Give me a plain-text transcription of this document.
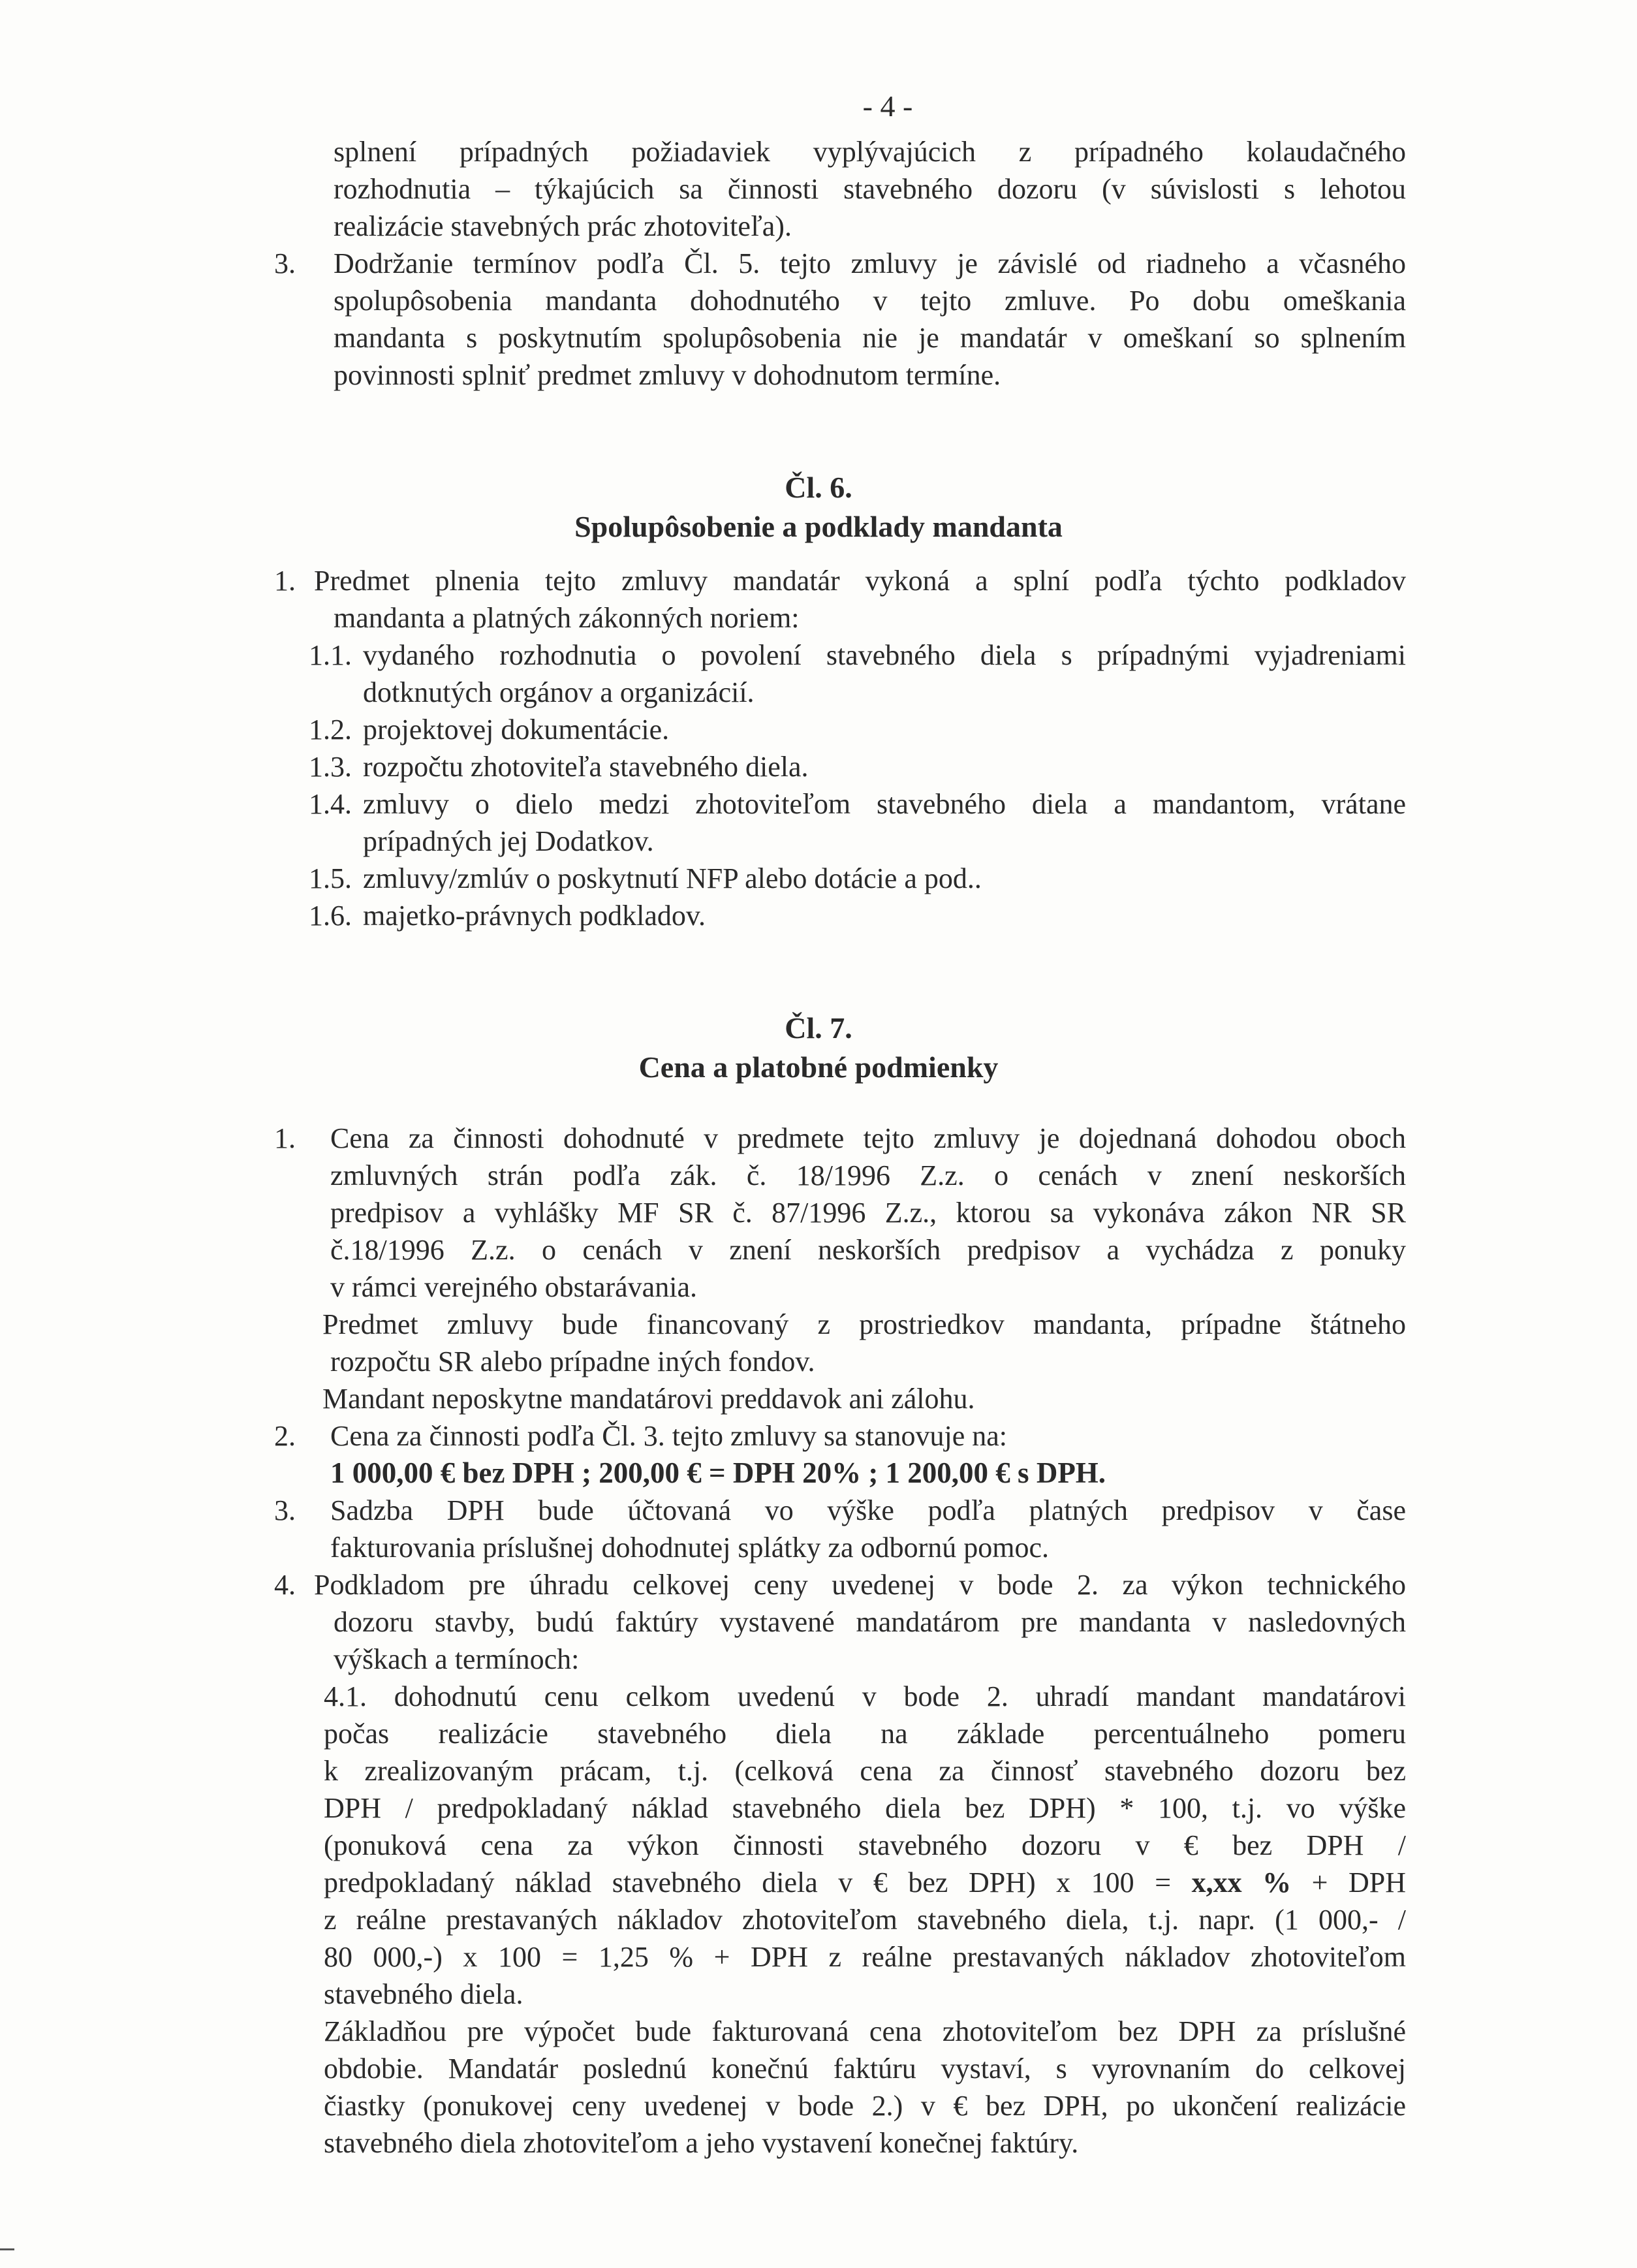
- 4 -
splnení prípadných požiadaviek vyplývajúcich z prípadného kolaudačného
rozhodnutia – týkajúcich sa činnosti stavebného dozoru (v súvislosti s lehotou
realizácie stavebných prác zhotoviteľa).
3. Dodržanie termínov podľa Čl. 5. tejto zmluvy je závislé od riadneho a včasného
spolupôsobenia mandanta dohodnutého v tejto zmluve. Po dobu omeškania
mandanta s poskytnutím spolupôsobenia nie je mandatár v omeškaní so splnením
povinnosti splniť predmet zmluvy v dohodnutom termíne.
Čl. 6.
Spolupôsobenie a podklady mandanta
1. Predmet plnenia tejto zmluvy mandatár vykoná a splní podľa týchto podkladov
mandanta a platných zákonných noriem:
1.1. vydaného rozhodnutia o povolení stavebného diela s prípadnými vyjadreniami
dotknutých orgánov a organizácií.
1.2. projektovej dokumentácie.
1.3. rozpočtu zhotoviteľa stavebného diela.
1.4. zmluvy o dielo medzi zhotoviteľom stavebného diela a mandantom, vrátane
prípadných jej Dodatkov.
1.5. zmluvy/zmlúv o poskytnutí NFP alebo dotácie a pod..
1.6. majetko-právnych podkladov.
Čl. 7.
Cena a platobné podmienky
1. Cena za činnosti dohodnuté v predmete tejto zmluvy je dojednaná dohodou oboch
zmluvných strán podľa zák. č. 18/1996 Z.z. o cenách v znení neskorších
predpisov a vyhlášky MF SR č. 87/1996 Z.z., ktorou sa vykonáva zákon NR SR
č.18/1996 Z.z. o cenách v znení neskorších predpisov a vychádza z ponuky
v rámci verejného obstarávania.
Predmet zmluvy bude financovaný z prostriedkov mandanta, prípadne štátneho
rozpočtu SR alebo prípadne iných fondov.
Mandant neposkytne mandatárovi preddavok ani zálohu.
2. Cena za činnosti podľa Čl. 3. tejto zmluvy sa stanovuje na:
1 000,00 € bez DPH ; 200,00 € = DPH 20% ; 1 200,00 € s DPH.
3. Sadzba DPH bude účtovaná vo výške podľa platných predpisov v čase
fakturovania príslušnej dohodnutej splátky za odbornú pomoc.
4. Podkladom pre úhradu celkovej ceny uvedenej v bode 2. za výkon technického
dozoru stavby, budú faktúry vystavené mandatárom pre mandanta v nasledovných
výškach a termínoch:
4.1. dohodnutú cenu celkom uvedenú v bode 2. uhradí mandant mandatárovi
počas realizácie stavebného diela na základe percentuálneho pomeru
k zrealizovaným prácam, t.j. (celková cena za činnosť stavebného dozoru bez
DPH / predpokladaný náklad stavebného diela bez DPH) * 100, t.j. vo výške
(ponuková cena za výkon činnosti stavebného dozoru v € bez DPH /
predpokladaný náklad stavebného diela v € bez DPH) x 100 = x,xx % + DPH
z reálne prestavaných nákladov zhotoviteľom stavebného diela, t.j. napr. (1 000,- /
80 000,-) x 100 = 1,25 % + DPH z reálne prestavaných nákladov zhotoviteľom
stavebného diela.
Základňou pre výpočet bude fakturovaná cena zhotoviteľom bez DPH za príslušné
obdobie. Mandatár poslednú konečnú faktúru vystaví, s vyrovnaním do celkovej
čiastky (ponukovej ceny uvedenej v bode 2.) v € bez DPH, po ukončení realizácie
stavebného diela zhotoviteľom a jeho vystavení konečnej faktúry.
